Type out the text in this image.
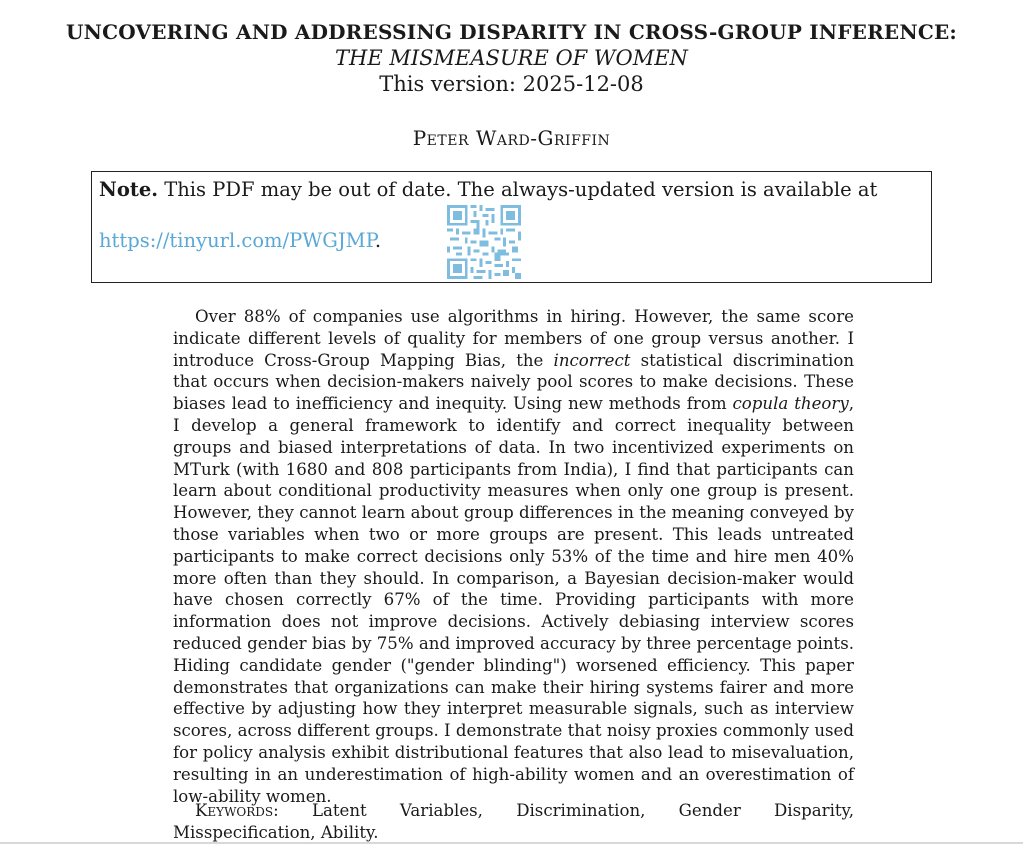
UNCOVERING AND ADDRESSING DISPARITY IN CROSS-GROUP INFERENCE:
THE MISMEASURE OF WOMEN
This version: 2025-12-08
Peter Ward-Griffin
Note. This PDF may be out of date. The always-updated version is available at
https://tinyurl.com/PWGJMP.

Over 88% of companies use algorithms in hiring. However, the same score indicate different levels of quality for members of one group versus another. I introduce Cross-Group Mapping Bias, the incorrect statistical discrimination that occurs when decision-makers naively pool scores to make decisions. These biases lead to inefficiency and inequity. Using new methods from copula theory, I develop a general framework to identify and correct inequality between groups and biased interpretations of data. In two incentivized experiments on MTurk (with 1680 and 808 participants from India), I find that participants can learn about conditional productivity measures when only one group is present. However, they cannot learn about group differences in the meaning conveyed by those variables when two or more groups are present. This leads untreated participants to make correct decisions only 53% of the time and hire men 40% more often than they should. In comparison, a Bayesian decision-maker would have chosen correctly 67% of the time. Providing participants with more information does not improve decisions. Actively debiasing interview scores reduced gender bias by 75% and improved accuracy by three percentage points. Hiding candidate gender ("gender blinding") worsened efficiency. This paper demonstrates that organizations can make their hiring systems fairer and more effective by adjusting how they interpret measurable signals, such as interview scores, across different groups. I demonstrate that noisy proxies commonly used for policy analysis exhibit distributional features that also lead to misevaluation, resulting in an underestimation of high-ability women and an overestimation of low-ability women.

Keywords: Latent Variables, Discrimination, Gender Disparity, Misspecification, Ability.
